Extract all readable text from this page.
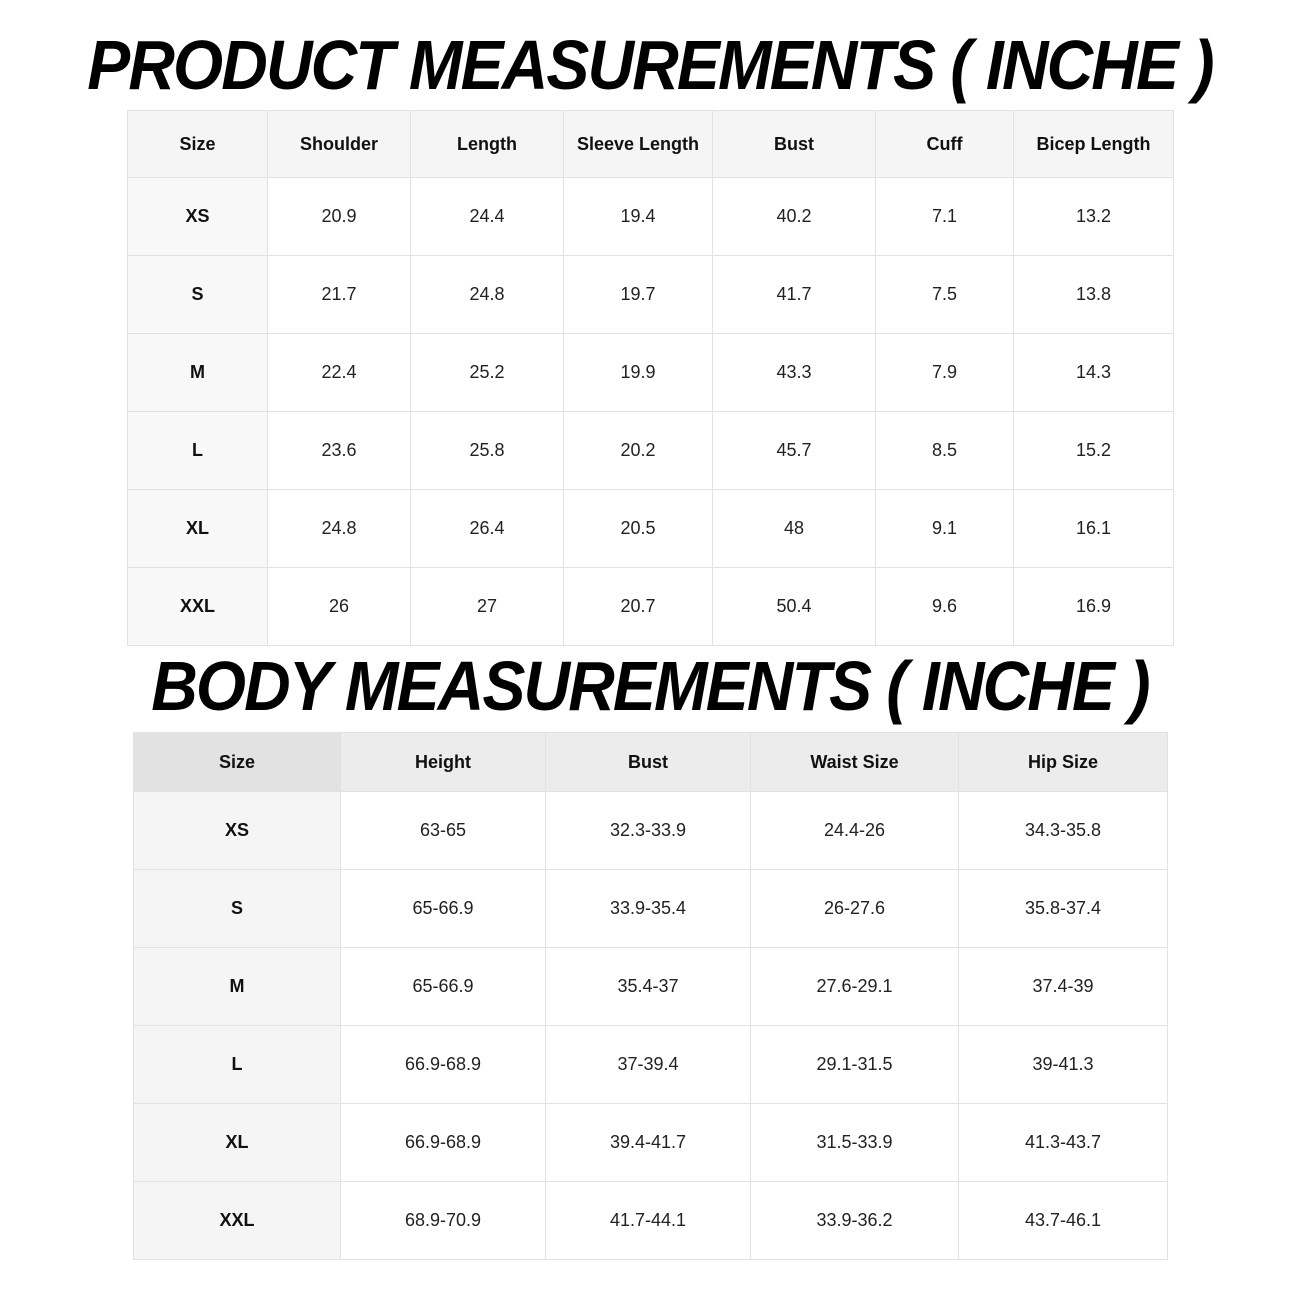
PRODUCT MEASUREMENTS ( INCHE )
Size	Shoulder	Length	Sleeve Length	Bust	Cuff	Bicep Length
XS	20.9	24.4	19.4	40.2	7.1	13.2
S	21.7	24.8	19.7	41.7	7.5	13.8
M	22.4	25.2	19.9	43.3	7.9	14.3
L	23.6	25.8	20.2	45.7	8.5	15.2
XL	24.8	26.4	20.5	48	9.1	16.1
XXL	26	27	20.7	50.4	9.6	16.9
BODY MEASUREMENTS ( INCHE )
Size	Height	Bust	Waist Size	Hip Size
XS	63-65	32.3-33.9	24.4-26	34.3-35.8
S	65-66.9	33.9-35.4	26-27.6	35.8-37.4
M	65-66.9	35.4-37	27.6-29.1	37.4-39
L	66.9-68.9	37-39.4	29.1-31.5	39-41.3
XL	66.9-68.9	39.4-41.7	31.5-33.9	41.3-43.7
XXL	68.9-70.9	41.7-44.1	33.9-36.2	43.7-46.1
